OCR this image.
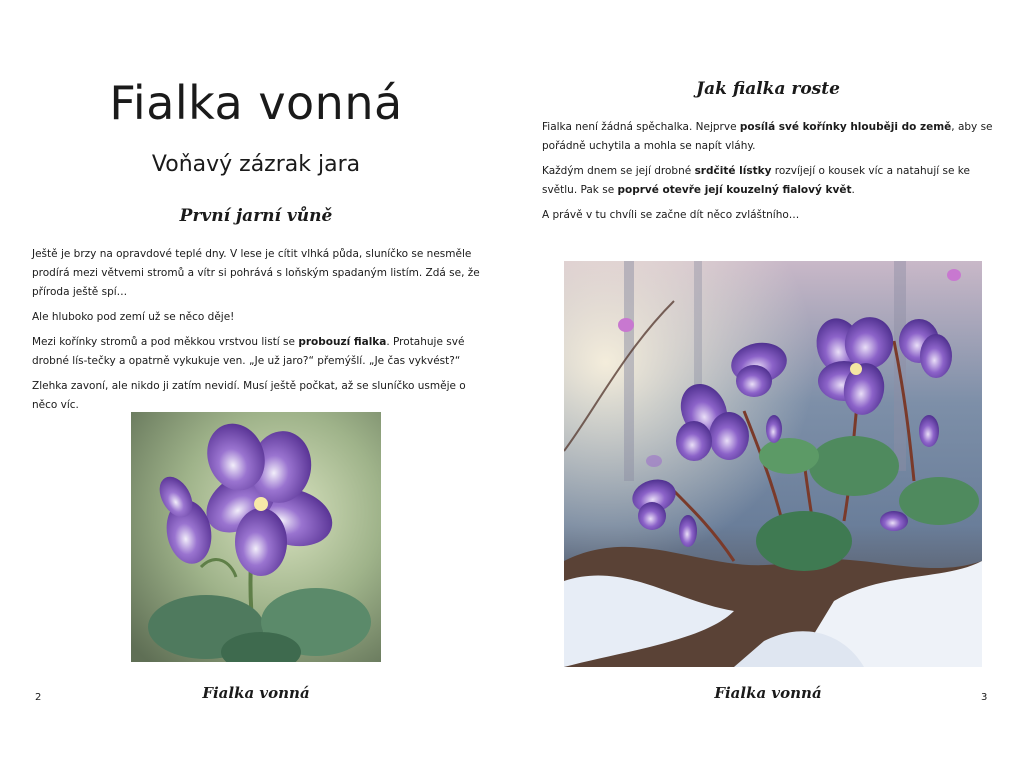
Fialka vonná
Voňavý zázrak jara
První jarní vůně

Ještě je brzy na opravdové teplé dny. V lese je cítit vlhká půda, sluníčko se nesměle prodírá mezi větvemi stromů a vítr si pohrává s loňským spadaným listím. Zdá se, že příroda ještě spí…

Ale hluboko pod zemí už se něco děje!

Mezi kořínky stromů a pod měkkou vrstvou listí se probouzí fialka. Protahuje své drobné lís-tečky a opatrně vykukuje ven. „Je už jaro?“ přemýšlí. „Je čas vykvést?“

Zlehka zavoní, ale nikdo ji zatím nevidí. Musí ještě počkat, až se sluníčko usměje o něco víc.

Fialka vonná
2
Jak fialka roste

Fialka není žádná spěchalka. Nejprve posílá své kořínky hlouběji do země, aby se pořádně uchytila a mohla se napít vláhy.

Každým dnem se její drobné srdčité lístky rozvíjejí o kousek víc a natahují se ke světlu. Pak se poprvé otevře její kouzelný fialový květ.

A právě v tu chvíli se začne dít něco zvláštního…

Fialka vonná	3
